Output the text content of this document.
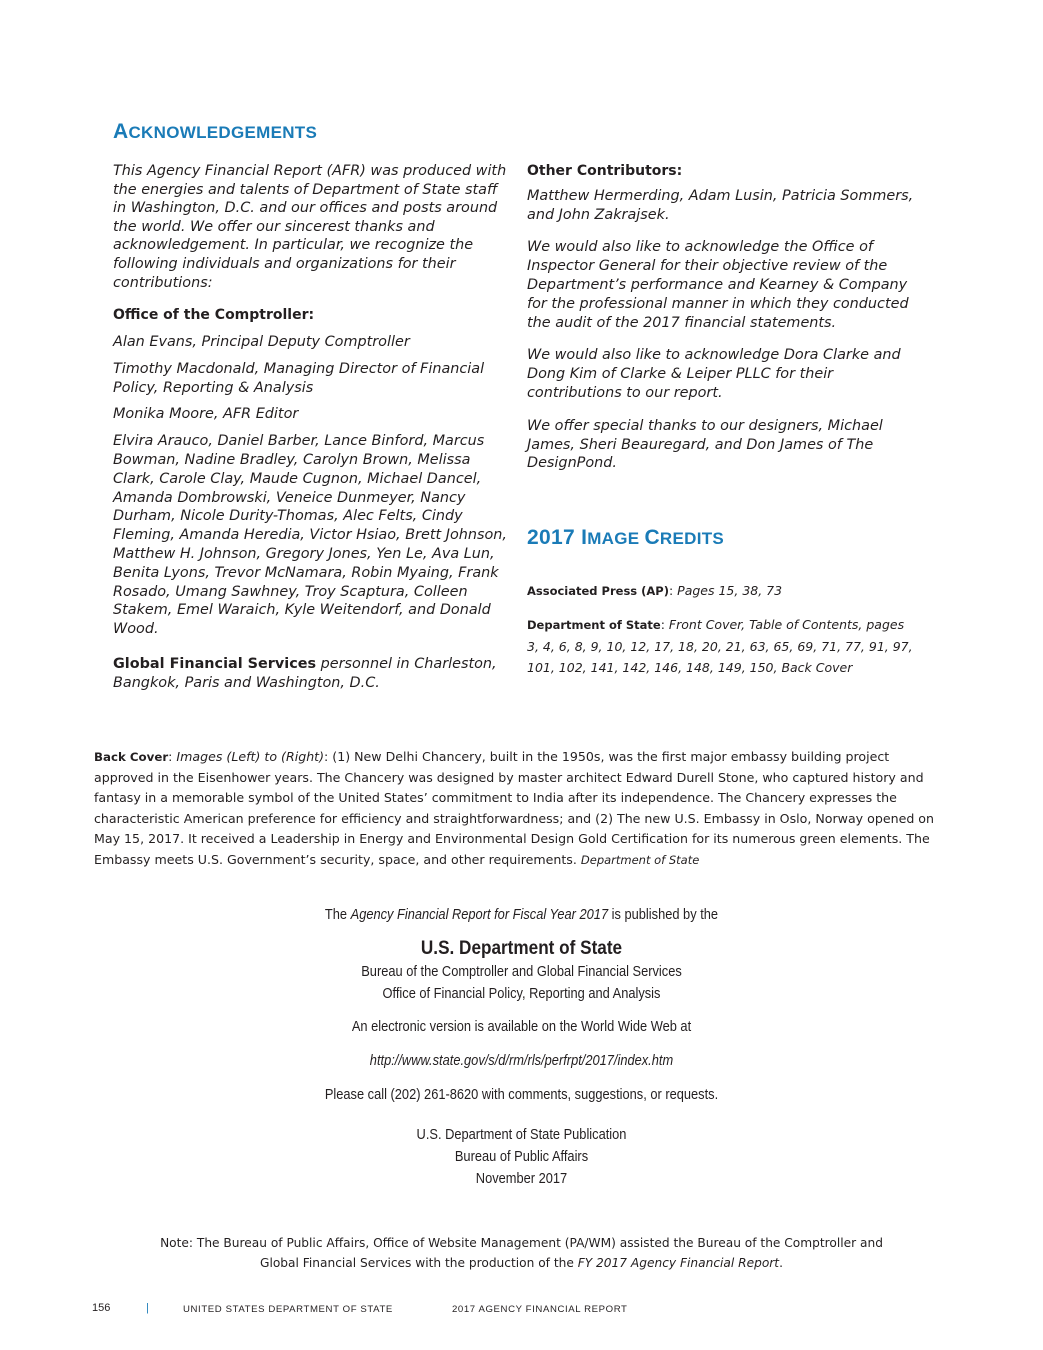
ACKNOWLEDGEMENTS

This Agency Financial Report (AFR) was produced with the energies and talents of Department of State staff in Washington, D.C. and our offices and posts around the world. We offer our sincerest thanks and acknowledgement. In particular, we recognize the following individuals and organizations for their contributions:

Office of the Comptroller:

Alan Evans, Principal Deputy Comptroller

Timothy Macdonald, Managing Director of Financial Policy, Reporting & Analysis

Monika Moore, AFR Editor

Elvira Arauco, Daniel Barber, Lance Binford, Marcus Bowman, Nadine Bradley, Carolyn Brown, Melissa Clark, Carole Clay, Maude Cugnon, Michael Dancel, Amanda Dombrowski, Veneice Dunmeyer, Nancy Durham, Nicole Durity-Thomas, Alec Felts, Cindy Fleming, Amanda Heredia, Victor Hsiao, Brett Johnson, Matthew H. Johnson, Gregory Jones, Yen Le, Ava Lun, Benita Lyons, Trevor McNamara, Robin Myaing, Frank Rosado, Umang Sawhney, Troy Scaptura, Colleen Stakem, Emel Waraich, Kyle Weitendorf, and Donald Wood.

Global Financial Services personnel in Charleston, Bangkok, Paris and Washington, D.C.

Other Contributors:

Matthew Hermerding, Adam Lusin, Patricia Sommers, and John Zakrajsek.

We would also like to acknowledge the Office of Inspector General for their objective review of the Department’s performance and Kearney & Company for the professional manner in which they conducted the audit of the 2017 financial statements.

We would also like to acknowledge Dora Clarke and Dong Kim of Clarke & Leiper PLLC for their contributions to our report.

We offer special thanks to our designers, Michael James, Sheri Beauregard, and Don James of The DesignPond.

2017 IMAGE CREDITS
Associated Press (AP): Pages 15, 38, 73
Department of State: Front Cover, Table of Contents, pages 3, 4, 6, 8, 9, 10, 12, 17, 18, 20, 21, 63, 65, 69, 71, 77, 91, 97, 101, 102, 141, 142, 146, 148, 149, 150, Back Cover
Back Cover: Images (Left) to (Right): (1) New Delhi Chancery, built in the 1950s, was the first major embassy building project approved in the Eisenhower years. The Chancery was designed by master architect Edward Durell Stone, who captured history and fantasy in a memorable symbol of the United States’ commitment to India after its independence. The Chancery expresses the characteristic American preference for efficiency and straightforwardness; and (2) The new U.S. Embassy in Oslo, Norway opened on May 15, 2017. It received a Leadership in Energy and Environmental Design Gold Certification for its numerous green elements. The Embassy meets U.S. Government’s security, space, and other requirements. Department of State

The Agency Financial Report for Fiscal Year 2017 is published by the

U.S. Department of State

Bureau of the Comptroller and Global Financial Services

Office of Financial Policy, Reporting and Analysis

An electronic version is available on the World Wide Web at

http://www.state.gov/s/d/rm/rls/perfrpt/2017/index.htm

Please call (202) 261-8620 with comments, suggestions, or requests.

U.S. Department of State Publication

Bureau of Public Affairs

November 2017

Note: The Bureau of Public Affairs, Office of Website Management (PA/WM) assisted the Bureau of the Comptroller and
Global Financial Services with the production of the FY 2017 Agency Financial Report.
156	|	UNITED STATES DEPARTMENT OF STATE	2017 AGENCY FINANCIAL REPORT
